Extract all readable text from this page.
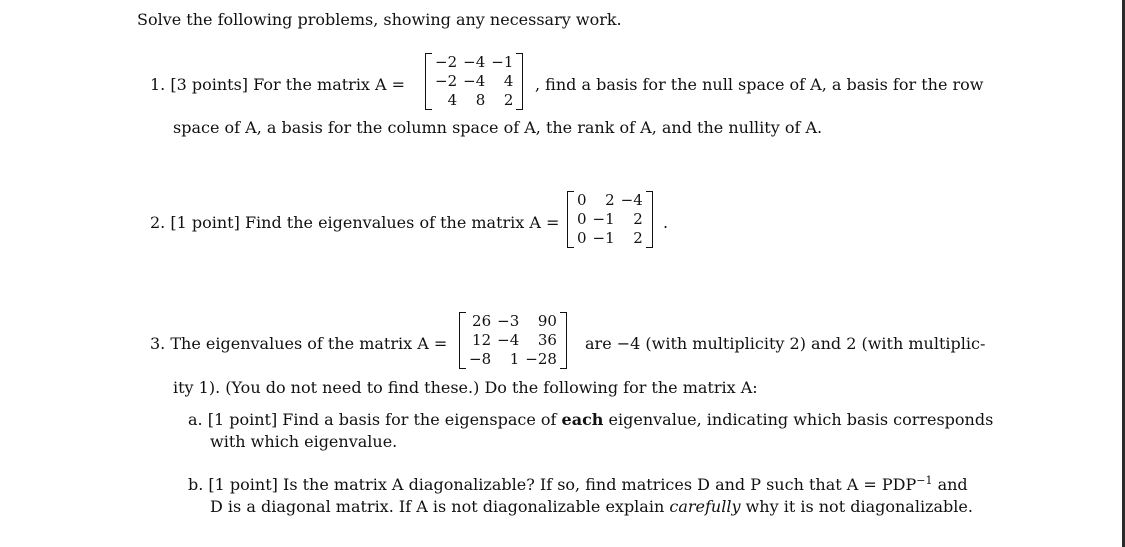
Solve the following problems, showing any necessary work.
1. [3 points] For the matrix A =
−2	−4	−1
−2	−4	4
4	8	2
, find a basis for the null space of A, a basis for the row
space of A, a basis for the column space of A, the rank of A, and the nullity of A.
2. [1 point] Find the eigenvalues of the matrix A =
0	2	−4
0	−1	2
0	−1	2
.
3. The eigenvalues of the matrix A =
26	−3	90
12	−4	36
−8	1	−28
are −4 (with multiplicity 2) and 2 (with multiplic-
ity 1). (You do not need to find these.) Do the following for the matrix A:
a. [1 point] Find a basis for the eigenspace of each eigenvalue, indicating which basis corresponds
with which eigenvalue.
b. [1 point] Is the matrix A diagonalizable? If so, find matrices D and P such that $A = PDP^{-1}$ and
D is a diagonal matrix. If A is not diagonalizable explain carefully why it is not diagonalizable.
